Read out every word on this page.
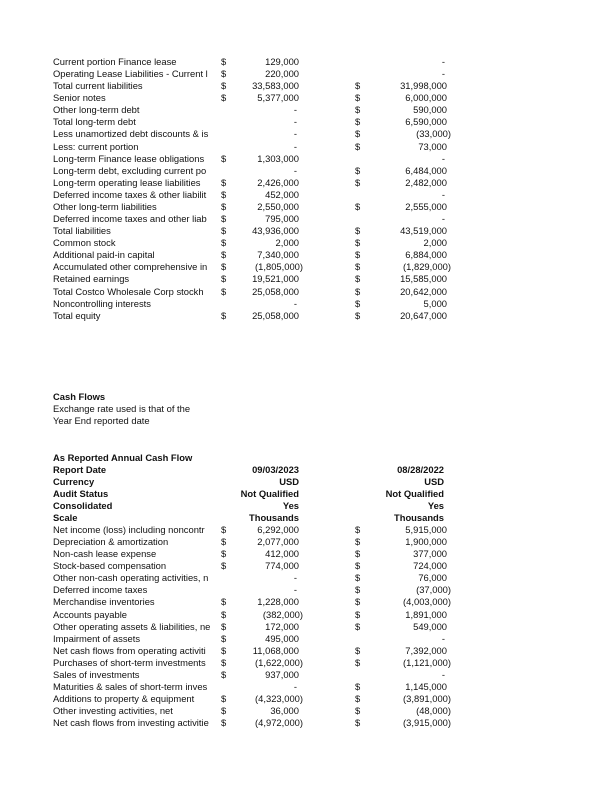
Current portion Finance lease	$	129,000	-
Operating Lease Liabilities - Current l	$	220,000	-
Total current liabilities	$	33,583,000	$	31,998,000
Senior notes	$	5,377,000	$	6,000,000
Other long-term debt	-	$	590,000
Total long-term debt	-	$	6,590,000
Less unamortized debt discounts & is	-	$	(33,000)
Less: current portion	-	$	73,000
Long-term Finance lease obligations	$	1,303,000	-
Long-term debt, excluding current po	-	$	6,484,000
Long-term operating lease liabilities	$	2,426,000	$	2,482,000
Deferred income taxes & other liabilit	$	452,000	-
Other long-term liabilities	$	2,550,000	$	2,555,000
Deferred income taxes and other liab	$	795,000	-
Total liabilities	$	43,936,000	$	43,519,000
Common stock	$	2,000	$	2,000
Additional paid-in capital	$	7,340,000	$	6,884,000
Accumulated other comprehensive in	$	(1,805,000)	$	(1,829,000)
Retained earnings	$	19,521,000	$	15,585,000
Total Costco Wholesale Corp stockh	$	25,058,000	$	20,642,000
Noncontrolling interests	-	$	5,000
Total equity	$	25,058,000	$	20,647,000
Report Date	09/03/2023	08/28/2022
Currency	USD	USD
Audit Status	Not Qualified	Not Qualified
Consolidated	Yes	Yes
Scale	Thousands	Thousands
Net income (loss) including noncontr	$	6,292,000	$	5,915,000
Depreciation & amortization	$	2,077,000	$	1,900,000
Non-cash lease expense	$	412,000	$	377,000
Stock-based compensation	$	774,000	$	724,000
Other non-cash operating activities, n	-	$	76,000
Deferred income taxes	-	$	(37,000)
Merchandise inventories	$	1,228,000	$	(4,003,000)
Accounts payable	$	(382,000)	$	1,891,000
Other operating assets & liabilities, ne	$	172,000	$	549,000
Impairment of assets	$	495,000	-
Net cash flows from operating activiti	$	11,068,000	$	7,392,000
Purchases of short-term investments	$	(1,622,000)	$	(1,121,000)
Sales of investments	$	937,000	-
Maturities & sales of short-term inves	-	$	1,145,000
Additions to property & equipment	$	(4,323,000)	$	(3,891,000)
Other investing activities, net	$	36,000	$	(48,000)
Net cash flows from investing activitie	$	(4,972,000)	$	(3,915,000)
Cash Flows
Exchange rate used is that of the
Year End reported date
As Reported Annual Cash Flow
